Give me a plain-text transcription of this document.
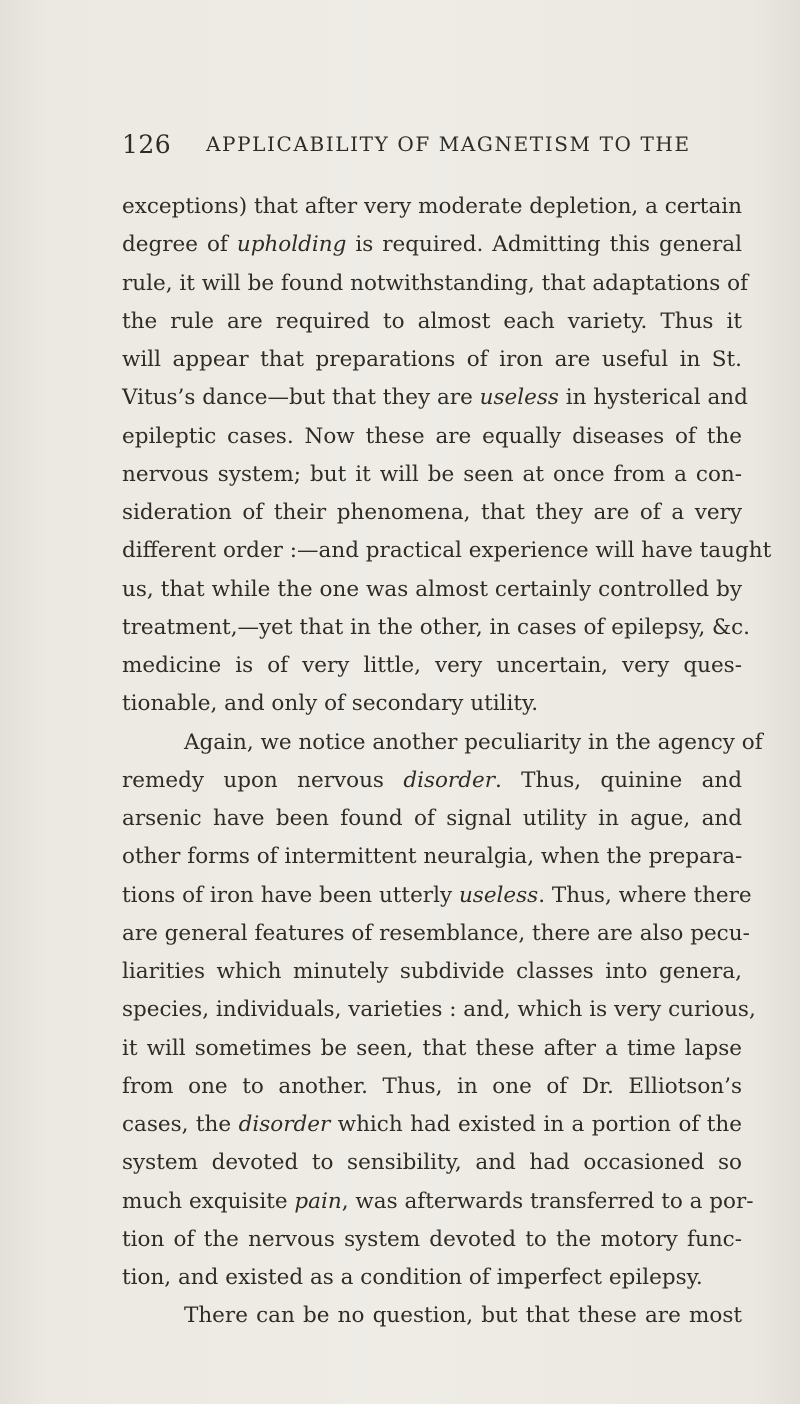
126 APPLICABILITY OF MAGNETISM TO THE
exceptions) that after very moderate depletion, a certain
degree of upholding is required. Admitting this general
rule, it will be found notwithstanding, that adaptations of
the rule are required to almost each variety. Thus it
will appear that preparations of iron are useful in St.
Vitus’s dance—but that they are useless in hysterical and
epileptic cases. Now these are equally diseases of the
nervous system; but it will be seen at once from a con-
sideration of their phenomena, that they are of a very
different order :—and practical experience will have taught
us, that while the one was almost certainly controlled by
treatment,—yet that in the other, in cases of epilepsy, &c.
medicine is of very little, very uncertain, very ques-
tionable, and only of secondary utility.
Again, we notice another peculiarity in the agency of
remedy upon nervous disorder. Thus, quinine and
arsenic have been found of signal utility in ague, and
other forms of intermittent neuralgia, when the prepara-
tions of iron have been utterly useless. Thus, where there
are general features of resemblance, there are also pecu-
liarities which minutely subdivide classes into genera,
species, individuals, varieties : and, which is very curious,
it will sometimes be seen, that these after a time lapse
from one to another. Thus, in one of Dr. Elliotson’s
cases, the disorder which had existed in a portion of the
system devoted to sensibility, and had occasioned so
much exquisite pain, was afterwards transferred to a por-
tion of the nervous system devoted to the motory func-
tion, and existed as a condition of imperfect epilepsy.
There can be no question, but that these are most
